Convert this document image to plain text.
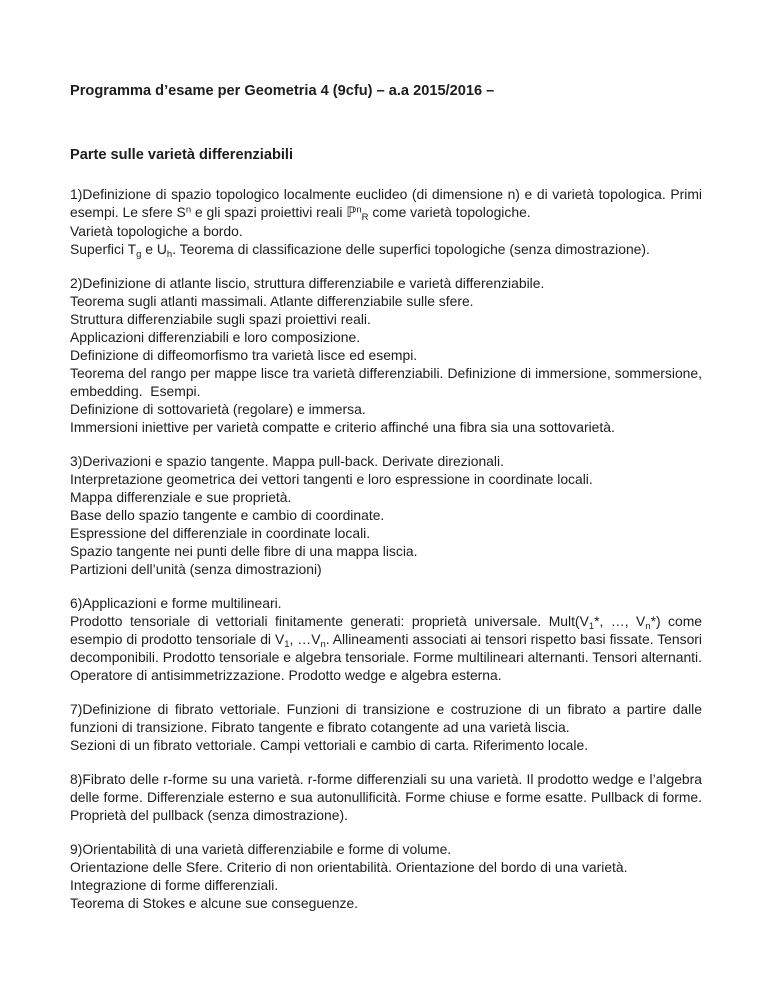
Programma d’esame per Geometria 4 (9cfu) – a.a 2015/2016 –
Parte sulle varietà differenziabili
1)Definizione di spazio topologico localmente euclideo (di dimensione n) e di varietà topologica. Primi esempi. Le sfere $S^n$ e gli spazi proiettivi reali ℙ$^n_R$ come varietà topologiche.
Varietà topologiche a bordo.
Superfici $T_g$ e $U_h$. Teorema di classificazione delle superfici topologiche (senza dimostrazione).
2)Definizione di atlante liscio, struttura differenziabile e varietà differenziabile.
Teorema sugli atlanti massimali. Atlante differenziabile sulle sfere.
Struttura differenziabile sugli spazi proiettivi reali.
Applicazioni differenziabili e loro composizione.
Definizione di diffeomorfismo tra varietà lisce ed esempi.
Teorema del rango per mappe lisce tra varietà differenziabili. Definizione di immersione, sommersione, embedding.  Esempi.
Definizione di sottovarietà (regolare) e immersa.
Immersioni iniettive per varietà compatte e criterio affinché una fibra sia una sottovarietà.
3)Derivazioni e spazio tangente. Mappa pull-back. Derivate direzionali.
Interpretazione geometrica dei vettori tangenti e loro espressione in coordinate locali.
Mappa differenziale e sue proprietà.
Base dello spazio tangente e cambio di coordinate.
Espressione del differenziale in coordinate locali.
Spazio tangente nei punti delle fibre di una mappa liscia.
Partizioni dell’unità (senza dimostrazioni)
6)Applicazioni e forme multilineari.
Prodotto tensoriale di vettoriali finitamente generati: proprietà universale. $Mult(V_1*$, …, $V_n*$) come esempio di prodotto tensoriale di $V_1$, $\dots V_n$. Allineamenti associati ai tensori rispetto basi fissate. Tensori decomponibili. Prodotto tensoriale e algebra tensoriale. Forme multilineari alternanti. Tensori alternanti. Operatore di antisimmetrizzazione. Prodotto wedge e algebra esterna.
7)Definizione di fibrato vettoriale. Funzioni di transizione e costruzione di un fibrato a partire dalle funzioni di transizione. Fibrato tangente e fibrato cotangente ad una varietà liscia.
Sezioni di un fibrato vettoriale. Campi vettoriali e cambio di carta. Riferimento locale.
8)Fibrato delle r-forme su una varietà. r-forme differenziali su una varietà. Il prodotto wedge e l’algebra delle forme. Differenziale esterno e sua autonullificità. Forme chiuse e forme esatte. Pullback di forme. Proprietà del pullback (senza dimostrazione).
9)Orientabilità di una varietà differenziabile e forme di volume.
Orientazione delle Sfere. Criterio di non orientabilità. Orientazione del bordo di una varietà.
Integrazione di forme differenziali.
Teorema di Stokes e alcune sue conseguenze.
